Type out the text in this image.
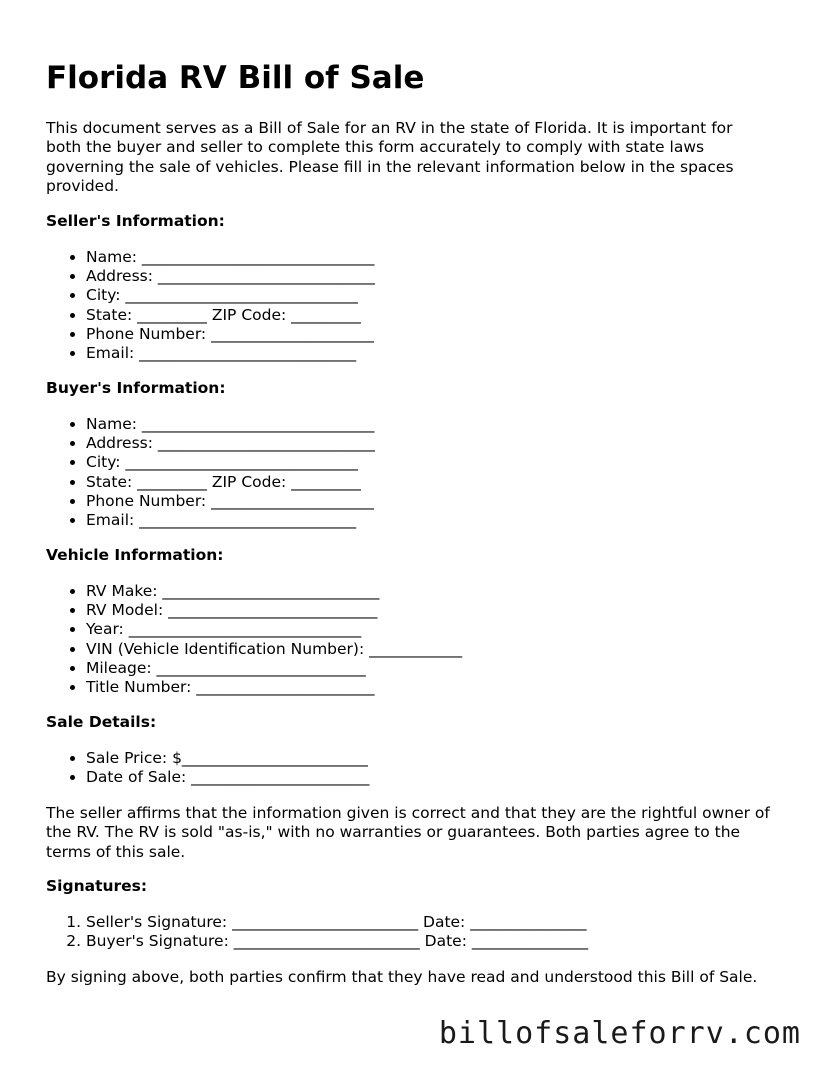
Florida RV Bill of Sale

This document serves as a Bill of Sale for an RV in the state of Florida. It is important for both the buyer and seller to complete this form accurately to comply with state laws governing the sale of vehicles. Please fill in the relevant information below in the spaces provided.

Seller's Information:

• Name: ______________________________
• Address: ____________________________
• City: ______________________________
• State: _________ ZIP Code: _________
• Phone Number: _____________________
• Email: ____________________________

Buyer's Information:

• Name: ______________________________
• Address: ____________________________
• City: ______________________________
• State: _________ ZIP Code: _________
• Phone Number: _____________________
• Email: ____________________________

Vehicle Information:

• RV Make: ____________________________
• RV Model: ___________________________
• Year: ______________________________
• VIN (Vehicle Identification Number): ____________
• Mileage: ___________________________
• Title Number: _______________________

Sale Details:

• Sale Price: $________________________
• Date of Sale: _______________________

The seller affirms that the information given is correct and that they are the rightful owner of the RV. The RV is sold "as-is," with no warranties or guarantees. Both parties agree to the terms of this sale.

Signatures:

1. Seller's Signature: ________________________ Date: _______________
2. Buyer's Signature: ________________________ Date: _______________

By signing above, both parties confirm that they have read and understood this Bill of Sale.

billofsaleforrv.com
